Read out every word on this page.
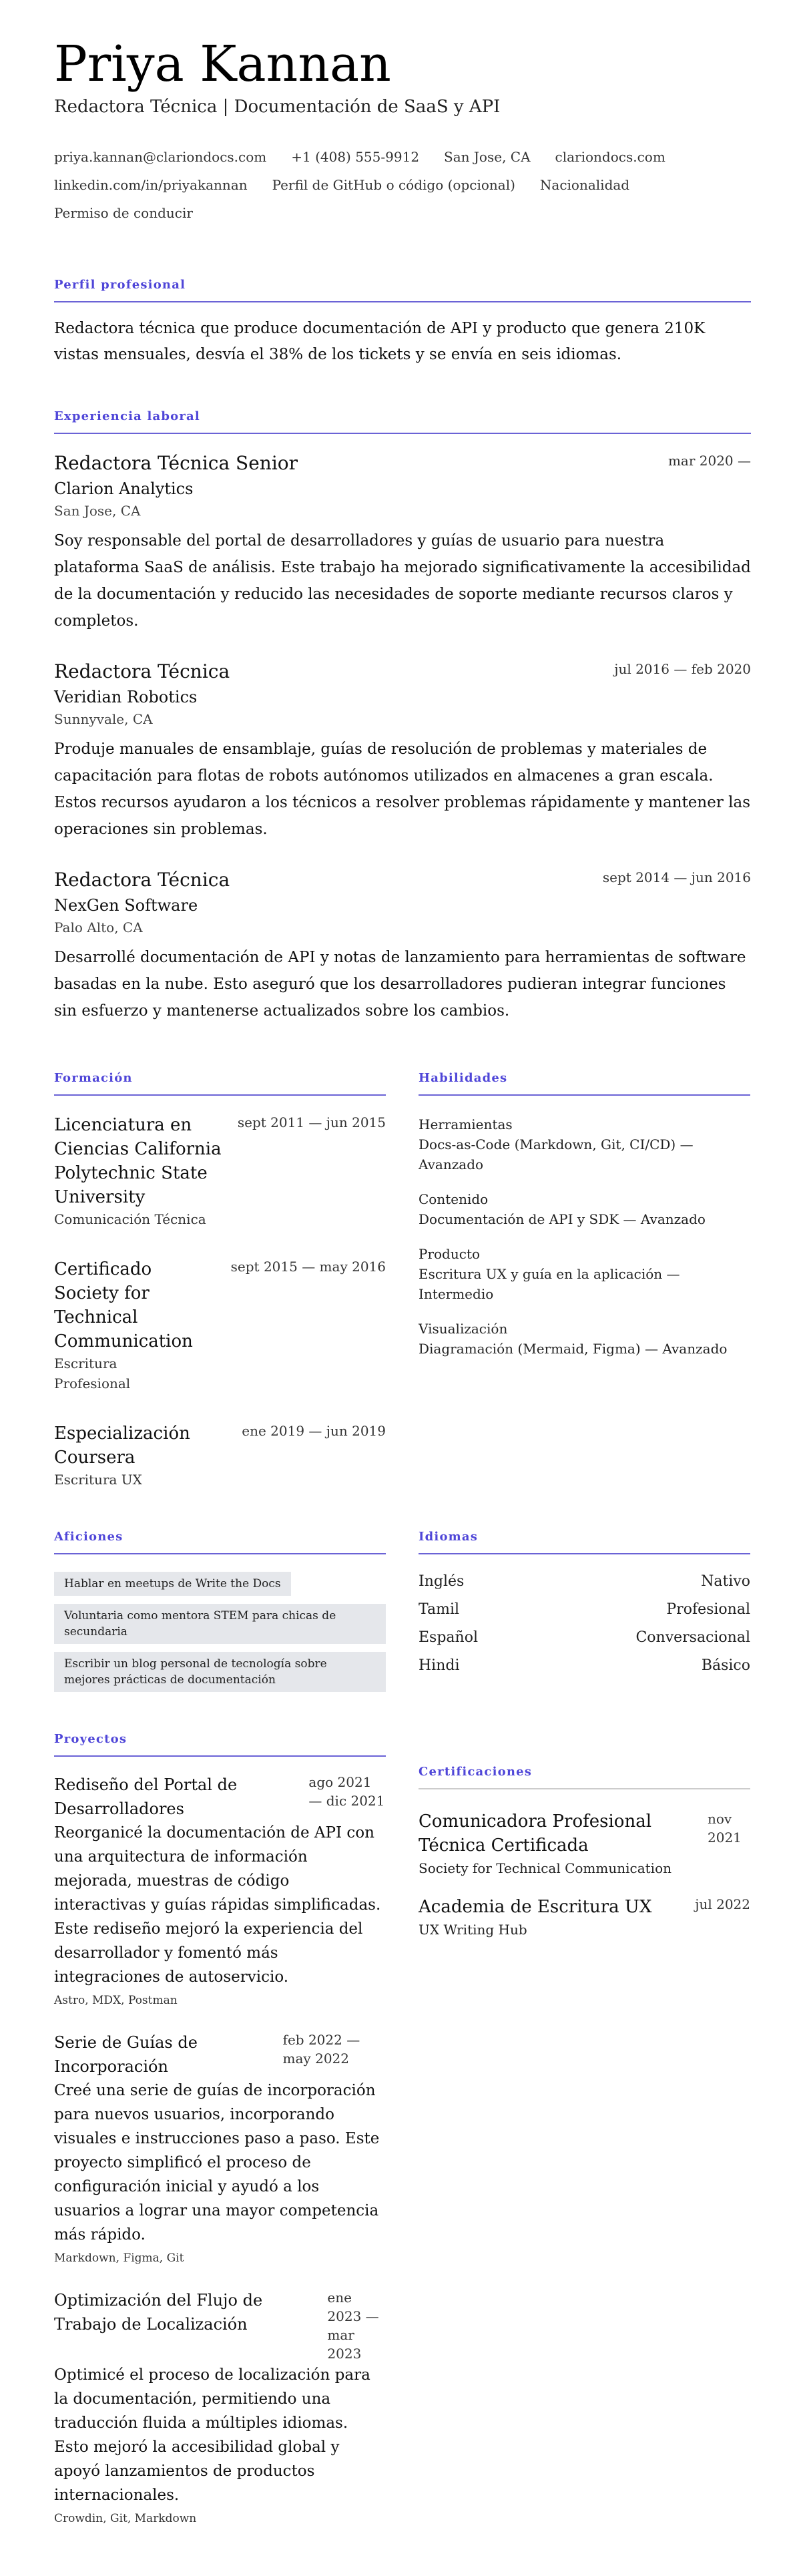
Priya Kannan
Redactora Técnica | Documentación de SaaS y API
priya.kannan@clariondocs.com +1 (408) 555-9912 San Jose, CA clariondocs.com
linkedin.com/in/priyakannan Perfil de GitHub o código (opcional) Nacionalidad
Permiso de conducir
Perfil profesional

Redactora técnica que produce documentación de API y producto que genera 210K vistas mensuales, desvía el 38% de los tickets y se envía en seis idiomas.

Experiencia laboral
Redactora Técnica Senior	mar 2020 —
Clarion Analytics
San Jose, CA

Soy responsable del portal de desarrolladores y guías de usuario para nuestra plataforma SaaS de análisis. Este trabajo ha mejorado significativamente la accesibilidad de la documentación y reducido las necesidades de soporte mediante recursos claros y completos.

Redactora Técnica	jul 2016 — feb 2020
Veridian Robotics
Sunnyvale, CA

Produje manuales de ensamblaje, guías de resolución de problemas y materiales de capacitación para flotas de robots autónomos utilizados en almacenes a gran escala. Estos recursos ayudaron a los técnicos a resolver problemas rápidamente y mantener las operaciones sin problemas.

Redactora Técnica	sept 2014 — jun 2016
NexGen Software
Palo Alto, CA

Desarrollé documentación de API y notas de lanzamiento para herramientas de software basadas en la nube. Esto aseguró que los desarrolladores pudieran integrar funciones sin esfuerzo y mantenerse actualizados sobre los cambios.

Formación
Licenciatura en Ciencias California Polytechnic State University
sept 2011 — jun 2015
Comunicación Técnica
Certificado Society for Technical Communication
sept 2015 — may 2016
Escritura Profesional
Especialización Coursera
ene 2019 — jun 2019
Escritura UX
Habilidades
Herramientas
Docs-as-Code (Markdown, Git, CI/CD) — Avanzado
Contenido
Documentación de API y SDK — Avanzado
Producto
Escritura UX y guía en la aplicación — Intermedio
Visualización
Diagramación (Mermaid, Figma) — Avanzado
Aficiones
Hablar en meetups de Write the Docs
Voluntaria como mentora STEM para chicas de secundaria
Escribir un blog personal de tecnología sobre mejores prácticas de documentación
Idiomas
Inglés	Nativo
Tamil	Profesional
Español	Conversacional
Hindi	Básico
Proyectos
Rediseño del Portal de Desarrolladores
ago 2021 — dic 2021

Reorganicé la documentación de API con una arquitectura de información mejorada, muestras de código interactivas y guías rápidas simplificadas. Este rediseño mejoró la experiencia del desarrollador y fomentó más integraciones de autoservicio.

Astro, MDX, Postman
Serie de Guías de Incorporación
feb 2022 — may 2022

Creé una serie de guías de incorporación para nuevos usuarios, incorporando visuales e instrucciones paso a paso. Este proyecto simplificó el proceso de configuración inicial y ayudó a los usuarios a lograr una mayor competencia más rápido.

Markdown, Figma, Git
Optimización del Flujo de Trabajo de Localización
ene 2023 — mar 2023

Optimicé el proceso de localización para la documentación, permitiendo una traducción fluida a múltiples idiomas. Esto mejoró la accesibilidad global y apoyó lanzamientos de productos internacionales.

Crowdin, Git, Markdown
Certificaciones
Comunicadora Profesional Técnica Certificada
nov 2021
Society for Technical Communication
Academia de Escritura UX	jul 2022
UX Writing Hub
